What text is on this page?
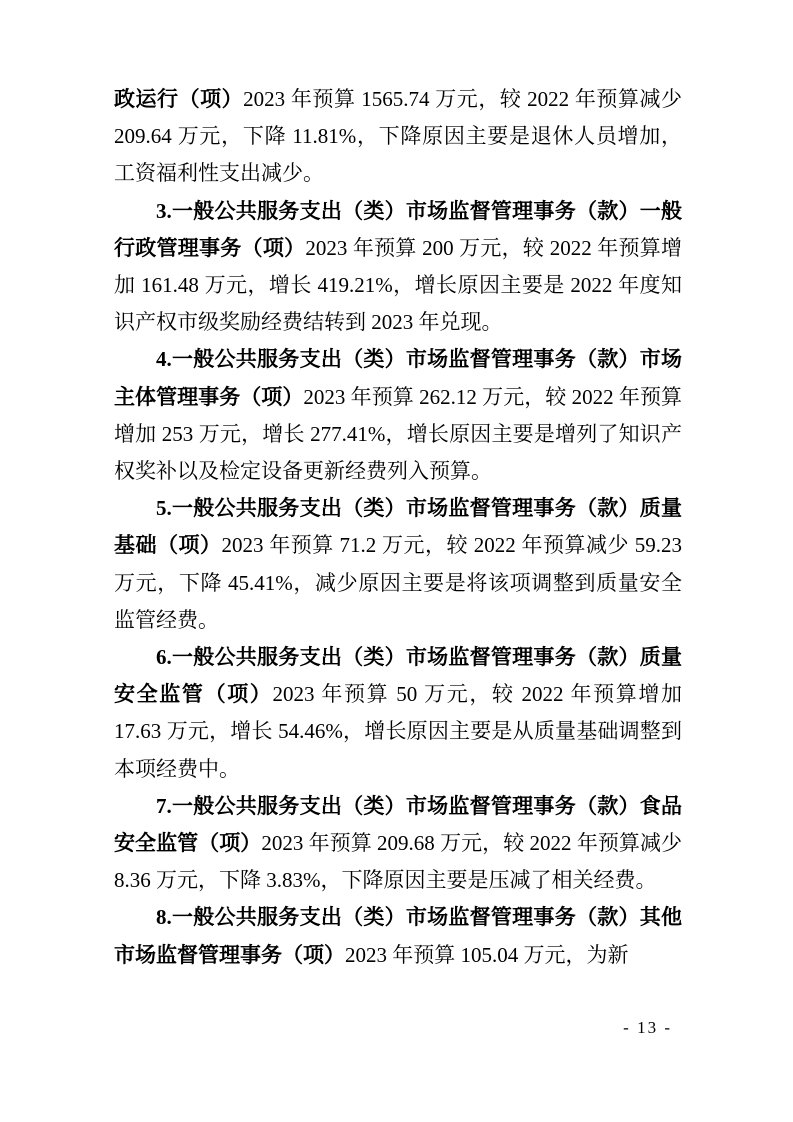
政运行（项）2023 年预算 1565.74 万元，较 2022 年预算减少 209.64 万元，下降 11.81%，下降原因主要是退休人员增加，工资福利性支出减少。

3.一般公共服务支出（类）市场监督管理事务（款）一般行政管理事务（项）2023 年预算 200 万元，较 2022 年预算增加 161.48 万元，增长 419.21%，增长原因主要是 2022 年度知识产权市级奖励经费结转到 2023 年兑现。

4.一般公共服务支出（类）市场监督管理事务（款）市场主体管理事务（项）2023 年预算 262.12 万元，较 2022 年预算增加 253 万元，增长 277.41%，增长原因主要是增列了知识产权奖补以及检定设备更新经费列入预算。

5.一般公共服务支出（类）市场监督管理事务（款）质量基础（项）2023 年预算 71.2 万元，较 2022 年预算减少 59.23 万元，下降 45.41%，减少原因主要是将该项调整到质量安全监管经费。

6.一般公共服务支出（类）市场监督管理事务（款）质量安全监管（项）2023 年预算 50 万元，较 2022 年预算增加 17.63 万元，增长 54.46%，增长原因主要是从质量基础调整到本项经费中。

7.一般公共服务支出（类）市场监督管理事务（款）食品安全监管（项）2023 年预算 209.68 万元，较 2022 年预算减少 8.36 万元，下降 3.83%，下降原因主要是压减了相关经费。

8.一般公共服务支出（类）市场监督管理事务（款）其他市场监督管理事务（项）2023 年预算 105.04 万元，为新

- 13 -
